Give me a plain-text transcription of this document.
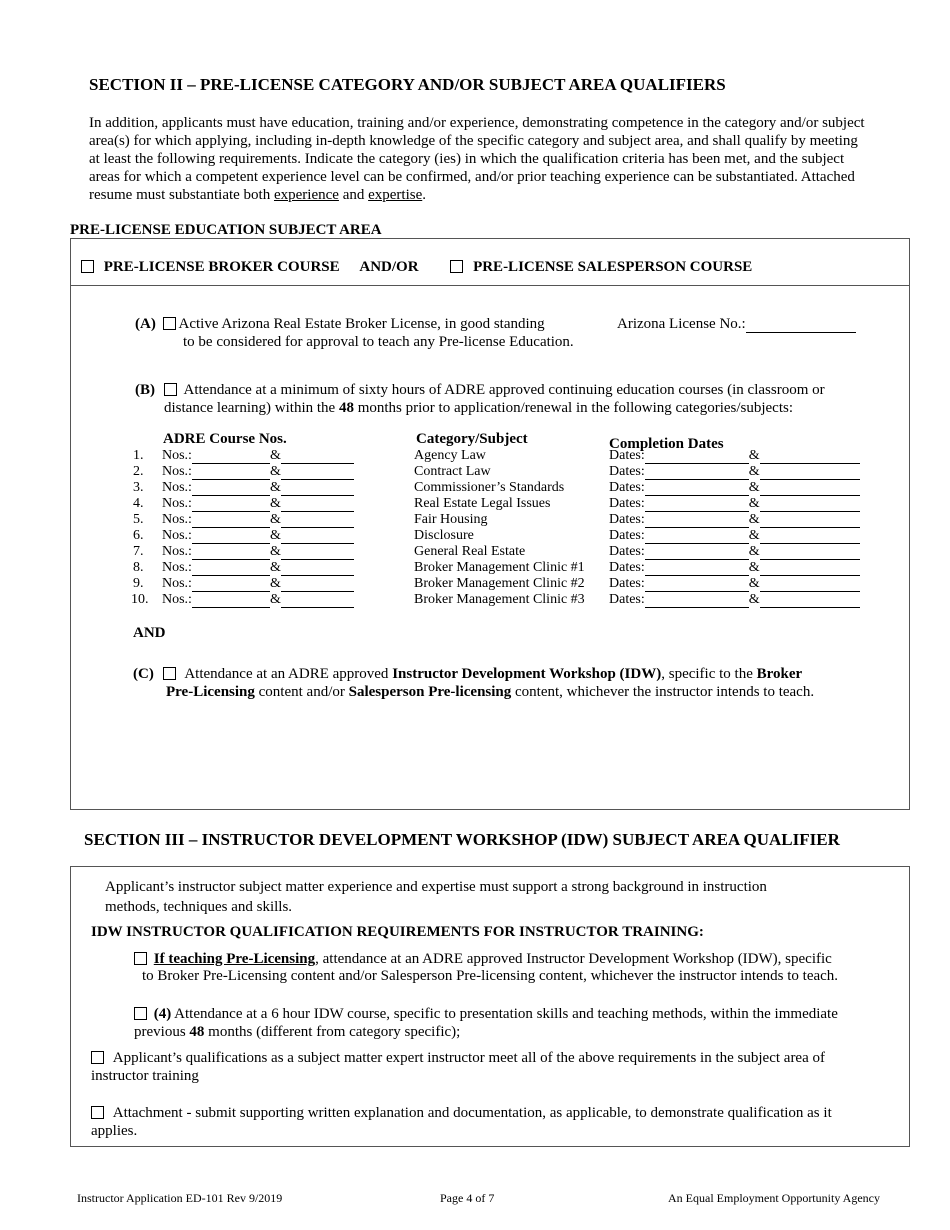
SECTION II – PRE-LICENSE CATEGORY AND/OR SUBJECT AREA QUALIFIERS
In addition, applicants must have education, training and/or experience, demonstrating competence in the category and/or subject
area(s) for which applying, including in-depth knowledge of the specific category and subject area, and shall qualify by meeting
at least the following requirements. Indicate the category (ies) in which the qualification criteria has been met, and the subject
areas for which a competent experience level can be confirmed, and/or prior teaching experience can be substantiated. Attached
resume must substantiate both experience and expertise.
PRE-LICENSE EDUCATION SUBJECT AREA
PRE-LICENSE BROKER COURSE AND/OR	PRE-LICENSE SALESPERSON COURSE
(A) Active Arizona Real Estate Broker License, in good standing
to be considered for approval to teach any Pre-license Education.
Arizona License No.:
(B) Attendance at a minimum of sixty hours of ADRE approved continuing education courses (in classroom or
distance learning) within the 48 months prior to application/renewal in the following categories/subjects:
ADRE Course Nos.	Category/Subject	Completion Dates
1. Nos.:	&	Agency Law	Dates:	&
2. Nos.:	&	Contract Law	Dates:	&
3. Nos.:	&	Commissioner’s Standards	Dates:	&
4. Nos.:	&	Real Estate Legal Issues	Dates:	&
5. Nos.:	&	Fair Housing	Dates:	&
6. Nos.:	&	Disclosure	Dates:	&
7. Nos.:	&	General Real Estate	Dates:	&
8. Nos.:	&	Broker Management Clinic #1 Dates:	&
9. Nos.:	&	Broker Management Clinic #2 Dates:	&
10. Nos.:	&	Broker Management Clinic #3 Dates:	&
AND
(C) Attendance at an ADRE approved Instructor Development Workshop (IDW), specific to the Broker
Pre-Licensing content and/or Salesperson Pre-licensing content, whichever the instructor intends to teach.
SECTION III – INSTRUCTOR DEVELOPMENT WORKSHOP (IDW) SUBJECT AREA QUALIFIER
Applicant’s instructor subject matter experience and expertise must support a strong background in instruction
methods, techniques and skills.
IDW INSTRUCTOR QUALIFICATION REQUIREMENTS FOR INSTRUCTOR TRAINING:
If teaching Pre-Licensing, attendance at an ADRE approved Instructor Development Workshop (IDW), specific
to Broker Pre-Licensing content and/or Salesperson Pre-licensing content, whichever the instructor intends to teach.
(4) Attendance at a 6 hour IDW course, specific to presentation skills and teaching methods, within the immediate
previous 48 months (different from category specific);
Applicant’s qualifications as a subject matter expert instructor meet all of the above requirements in the subject area of
instructor training
Attachment - submit supporting written explanation and documentation, as applicable, to demonstrate qualification as it
applies.
Instructor Application ED-101 Rev 9/2019	Page 4 of 7	An Equal Employment Opportunity Agency
